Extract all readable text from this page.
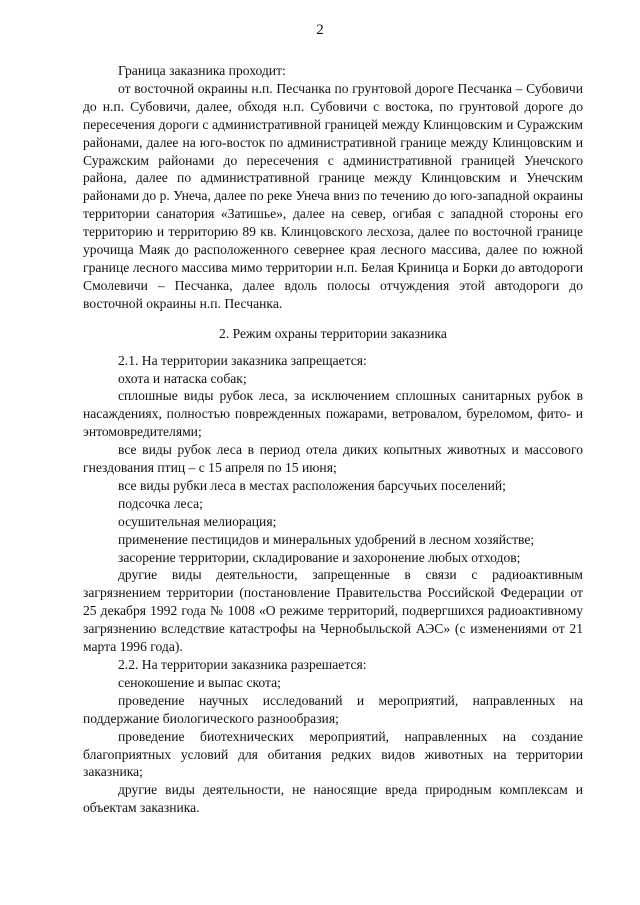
2

Граница заказника проходит:

от восточной окраины н.п. Песчанка по грунтовой дороге Песчанка – Субовичи до н.п. Субовичи, далее, обходя н.п. Субовичи с востока, по грунтовой дороге до пересечения дороги с административной границей между Клинцовским и Суражским районами, далее на юго-восток по административной границе между Клинцовским и Суражским районами до пересечения с административной границей Унечского района, далее по административной границе между Клинцовским и Унечским районами до р. Унеча, далее по реке Унеча вниз по течению до юго-западной окраины территории санатория «Затишье», далее на север, огибая с западной стороны его территорию и территорию 89 кв. Клинцовского лесхоза, далее по восточной границе урочища Маяк до расположенного севернее края лесного массива, далее по южной границе лесного массива мимо территории н.п. Белая Криница и Борки до автодороги Смолевичи – Песчанка, далее вдоль полосы отчуждения этой автодороги до восточной окраины н.п. Песчанка.

2. Режим охраны территории заказника

2.1. На территории заказника запрещается:

охота и натаска собак;

сплошные виды рубок леса, за исключением сплошных санитарных рубок в насаждениях, полностью поврежденных пожарами, ветровалом, буреломом, фито- и энтомовредителями;

все виды рубок леса в период отела диких копытных животных и массового гнездования птиц – с 15 апреля по 15 июня;

все виды рубки леса в местах расположения барсучьих поселений;

подсочка леса;

осушительная мелиорация;

применение пестицидов и минеральных удобрений в лесном хозяйстве;

засорение территории, складирование и захоронение любых отходов;

другие виды деятельности, запрещенные в связи с радиоактивным загрязнением территории (постановление Правительства Российской Федерации от 25 декабря 1992 года № 1008 «О режиме территорий, подвергшихся радиоактивному загрязнению вследствие катастрофы на Чернобыльской АЭС» (с изменениями от 21 марта 1996 года).

2.2. На территории заказника разрешается:

сенокошение и выпас скота;

проведение научных исследований и мероприятий, направленных на поддержание биологического разнообразия;

проведение биотехнических мероприятий, направленных на создание благоприятных условий для обитания редких видов животных на территории заказника;

другие виды деятельности, не наносящие вреда природным комплексам и объектам заказника.
